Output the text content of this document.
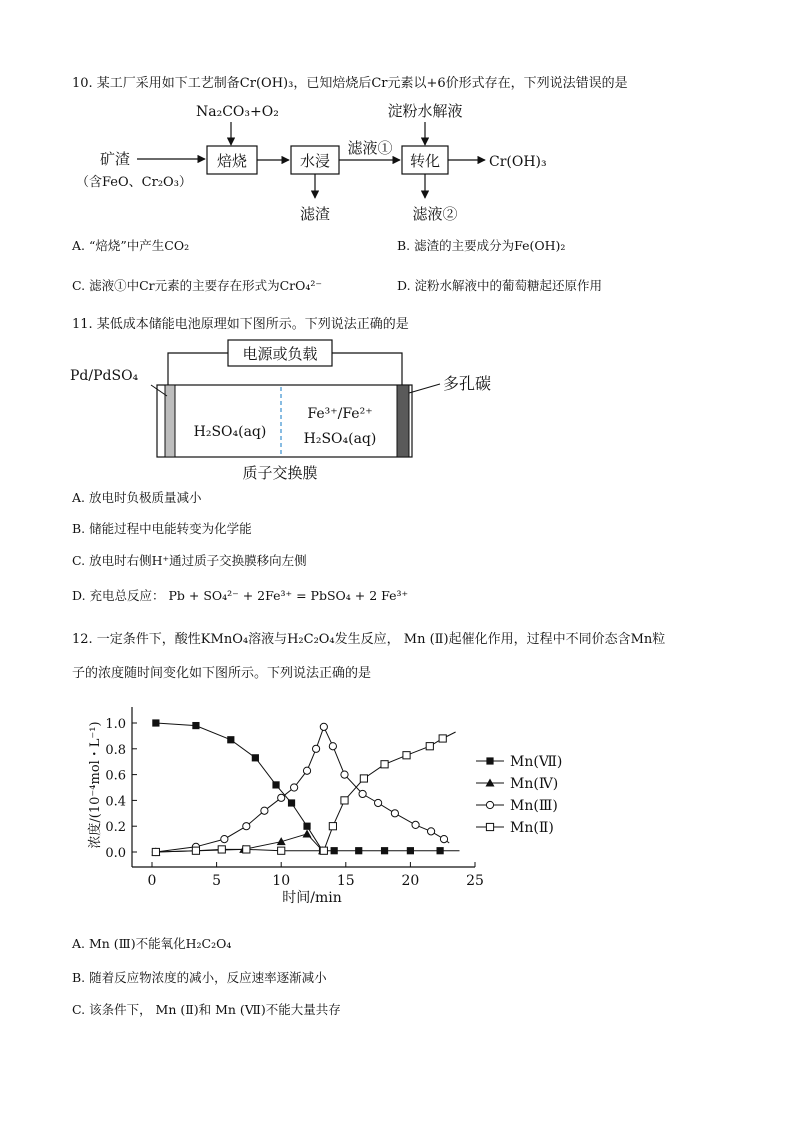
10. 某工厂采用如下工艺制备Cr(OH)₃，已知焙烧后Cr元素以+6价形式存在，下列说法错误的是
矿渣
（含FeO、Cr₂O₃）
Na₂CO₃+O₂
焙烧	水浸
滤渣
滤液①
淀粉水解液
转化	Cr(OH)₃
滤液②
A. “焙烧”中产生CO₂	B. 滤渣的主要成分为Fe(OH)₂
C. 滤液①中Cr元素的主要存在形式为CrO₄²⁻	D. 淀粉水解液中的葡萄糖起还原作用
11. 某低成本储能电池原理如下图所示。下列说法正确的是
电源或负载
Pd/PdSO₄	多孔碳
H₂SO₄(aq)
Fe³⁺/Fe²⁺
H₂SO₄(aq)
质子交换膜
A. 放电时负极质量减小
B. 储能过程中电能转变为化学能
C. 放电时右侧H⁺通过质子交换膜移向左侧
D. 充电总反应： Pb + SO₄²⁻ + 2Fe³⁺ = PbSO₄ + 2 Fe³⁺
12. 一定条件下，酸性KMnO₄溶液与H₂C₂O₄发生反应， Mn (Ⅱ)起催化作用，过程中不同价态含Mn粒
子的浓度随时间变化如下图所示。下列说法正确的是
0	5	10	15	20	25
0.0
0.2
0.4
0.6
0.8
1.0
Mn(Ⅶ)
Mn(Ⅳ)
Mn(Ⅲ)
Mn(Ⅱ)
时间/min
浓度/(10⁻⁴mol・L⁻¹)
A. Mn (Ⅲ)不能氧化H₂C₂O₄
B. 随着反应物浓度的减小，反应速率逐渐减小
C. 该条件下， Mn (Ⅱ)和 Mn (Ⅶ)不能大量共存
